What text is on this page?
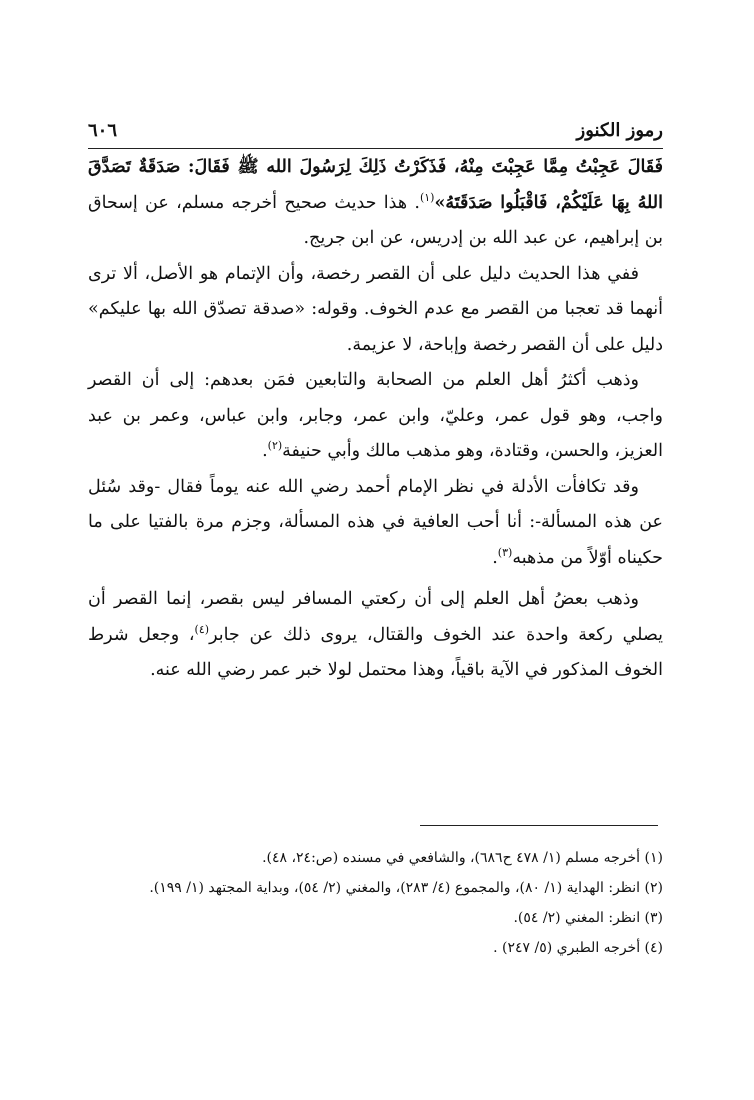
رموز الكنوز
٦٠٦

فَقَالَ عَجِبْتُ مِمَّا عَجِبْتَ مِنْهُ، فَذَكَرْتُ ذَلِكَ لِرَسُولَ الله ﷺ فَقَالَ: صَدَقَةٌ تَصَدَّقَ اللهُ بِهَا عَلَيْكُمْ، فَاقْبَلُوا صَدَقَتَهُ»$^{(١)}$. هذا حديث صحيح أخرجه مسلم، عن إسحاق بن إبراهيم، عن عبد الله بن إدريس، عن ابن جريج.

ففي هذا الحديث دليل على أن القصر رخصة، وأن الإتمام هو الأصل، ألا ترى أنهما قد تعجبا من القصر مع عدم الخوف. وقوله: «صدقة تصدّق الله بها عليكم» دليل على أن القصر رخصة وإباحة، لا عزيمة.

وذهب أكثرُ أهل العلم من الصحابة والتابعين فمَن بعدهم: إلى أن القصر واجب، وهو قول عمر، وعليّ، وابن عمر، وجابر، وابن عباس، وعمر بن عبد العزيز، والحسن، وقتادة، وهو مذهب مالك وأبي حنيفة$^{(٢)}$.

وقد تكافأت الأدلة في نظر الإمام أحمد رضي الله عنه يوماً فقال -وقد سُئل عن هذه المسألة-: أنا أحب العافية في هذه المسألة، وجزم مرة بالفتيا على ما حكيناه أوّلاً من مذهبه$^{(٣)}$.

وذهب بعضُ أهل العلم إلى أن ركعتي المسافر ليس بقصر، إنما القصر أن يصلي ركعة واحدة عند الخوف والقتال، يروى ذلك عن جابر$^{(٤)}$، وجعل شرط الخوف المذكور في الآية باقياً، وهذا محتمل لولا خبر عمر رضي الله عنه.

(١) أخرجه مسلم (١/ ٤٧٨ ح٦٨٦)، والشافعي في مسنده (ص:٢٤، ٤٨).

(٢) انظر: الهداية (١/ ٨٠)، والمجموع (٤/ ٢٨٣)، والمغني (٢/ ٥٤)، وبداية المجتهد (١/ ١٩٩).

(٣) انظر: المغني (٢/ ٥٤).

(٤) أخرجه الطبري (٥/ ٢٤٧) .
